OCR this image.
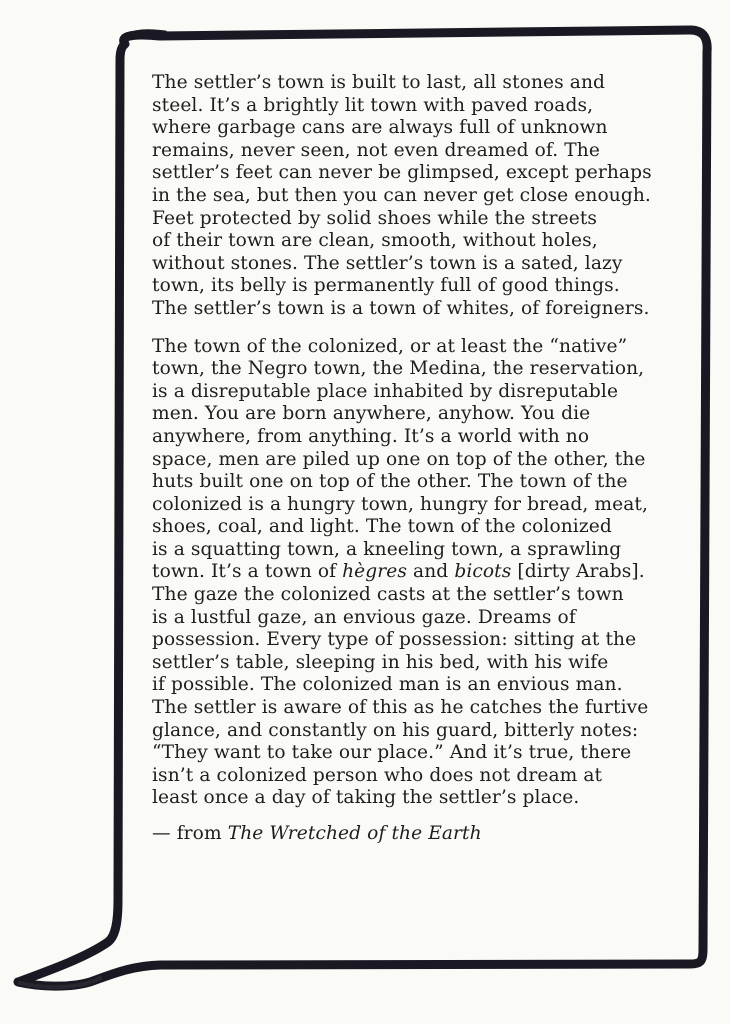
The settler’s town is built to last, all stones and
steel. It’s a brightly lit town with paved roads,
where garbage cans are always full of unknown
remains, never seen, not even dreamed of. The
settler’s feet can never be glimpsed, except perhaps
in the sea, but then you can never get close enough.
Feet protected by solid shoes while the streets
of their town are clean, smooth, without holes,
without stones. The settler’s town is a sated, lazy
town, its belly is permanently full of good things.
The settler’s town is a town of whites, of foreigners.
The town of the colonized, or at least the “native”
town, the Negro town, the Medina, the reservation,
is a disreputable place inhabited by disreputable
men. You are born anywhere, anyhow. You die
anywhere, from anything. It’s a world with no
space, men are piled up one on top of the other, the
huts built one on top of the other. The town of the
colonized is a hungry town, hungry for bread, meat,
shoes, coal, and light. The town of the colonized
is a squatting town, a kneeling town, a sprawling
town. It’s a town of hègres and bicots [dirty Arabs].
The gaze the colonized casts at the settler’s town
is a lustful gaze, an envious gaze. Dreams of
possession. Every type of possession: sitting at the
settler’s table, sleeping in his bed, with his wife
if possible. The colonized man is an envious man.
The settler is aware of this as he catches the furtive
glance, and constantly on his guard, bitterly notes:
“They want to take our place.” And it’s true, there
isn’t a colonized person who does not dream at
least once a day of taking the settler’s place.
— from The Wretched of the Earth
